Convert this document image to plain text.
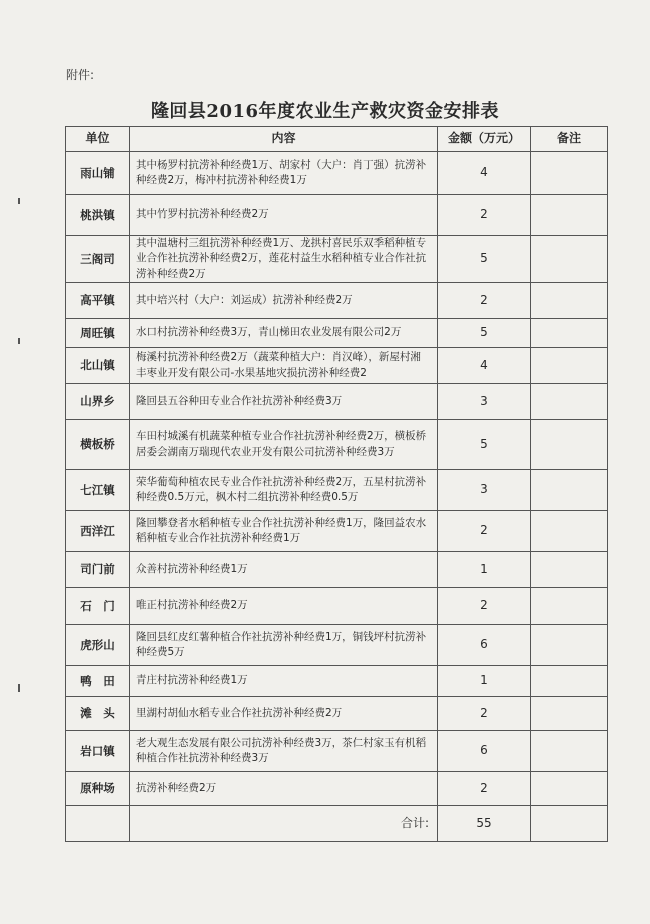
附件:
隆回县2016年度农业生产救灾资金安排表
单位	内容	金额（万元）	备注
雨山铺	其中杨罗村抗涝补种经费1万、胡家村（大户：肖丁强）抗涝补种经费2万，梅冲村抗涝补种经费1万	4	
桃洪镇	其中竹罗村抗涝补种经费2万	2	
三阁司	其中温塘村三组抗涝补种经费1万、龙拱村喜民乐双季稻种植专业合作社抗涝补种经费2万，莲花村益生水稻种植专业合作社抗涝补种经费2万	5	
高平镇	其中培兴村（大户：刘运成）抗涝补种经费2万	2	
周旺镇	水口村抗涝补种经费3万，青山梯田农业发展有限公司2万	5	
北山镇	梅溪村抗涝补种经费2万（蔬菜种植大户：肖汉峰），新屋村湘丰枣业开发有限公司-水果基地灾损抗涝补种经费2	4	
山界乡	隆回县五谷种田专业合作社抗涝补种经费3万	3	
横板桥	车田村城溪有机蔬菜种植专业合作社抗涝补种经费2万，横板桥居委会湖南万瑞现代农业开发有限公司抗涝补种经费3万	5	
七江镇	荣华葡萄种植农民专业合作社抗涝补种经费2万，五星村抗涝补种经费0.5万元，枫木村二组抗涝补种经费0.5万	3	
西洋江	隆回攀登者水稻种植专业合作社抗涝补种经费1万，隆回益农水稻种植专业合作社抗涝补种经费1万	2	
司门前	众善村抗涝补种经费1万	1	
石　门	唯正村抗涝补种经费2万	2	
虎形山	隆回县红皮红薯种植合作社抗涝补种经费1万，铜钱坪村抗涝补种经费5万	6	
鸭　田	青庄村抗涝补种经费1万	1	
滩　头	里湖村胡仙水稻专业合作社抗涝补种经费2万	2	
岩口镇	老大观生态发展有限公司抗涝补种经费3万，茶仁村家玉有机稻种植合作社抗涝补种经费3万	6	
原种场	抗涝补种经费2万	2	
	合计:	55	
